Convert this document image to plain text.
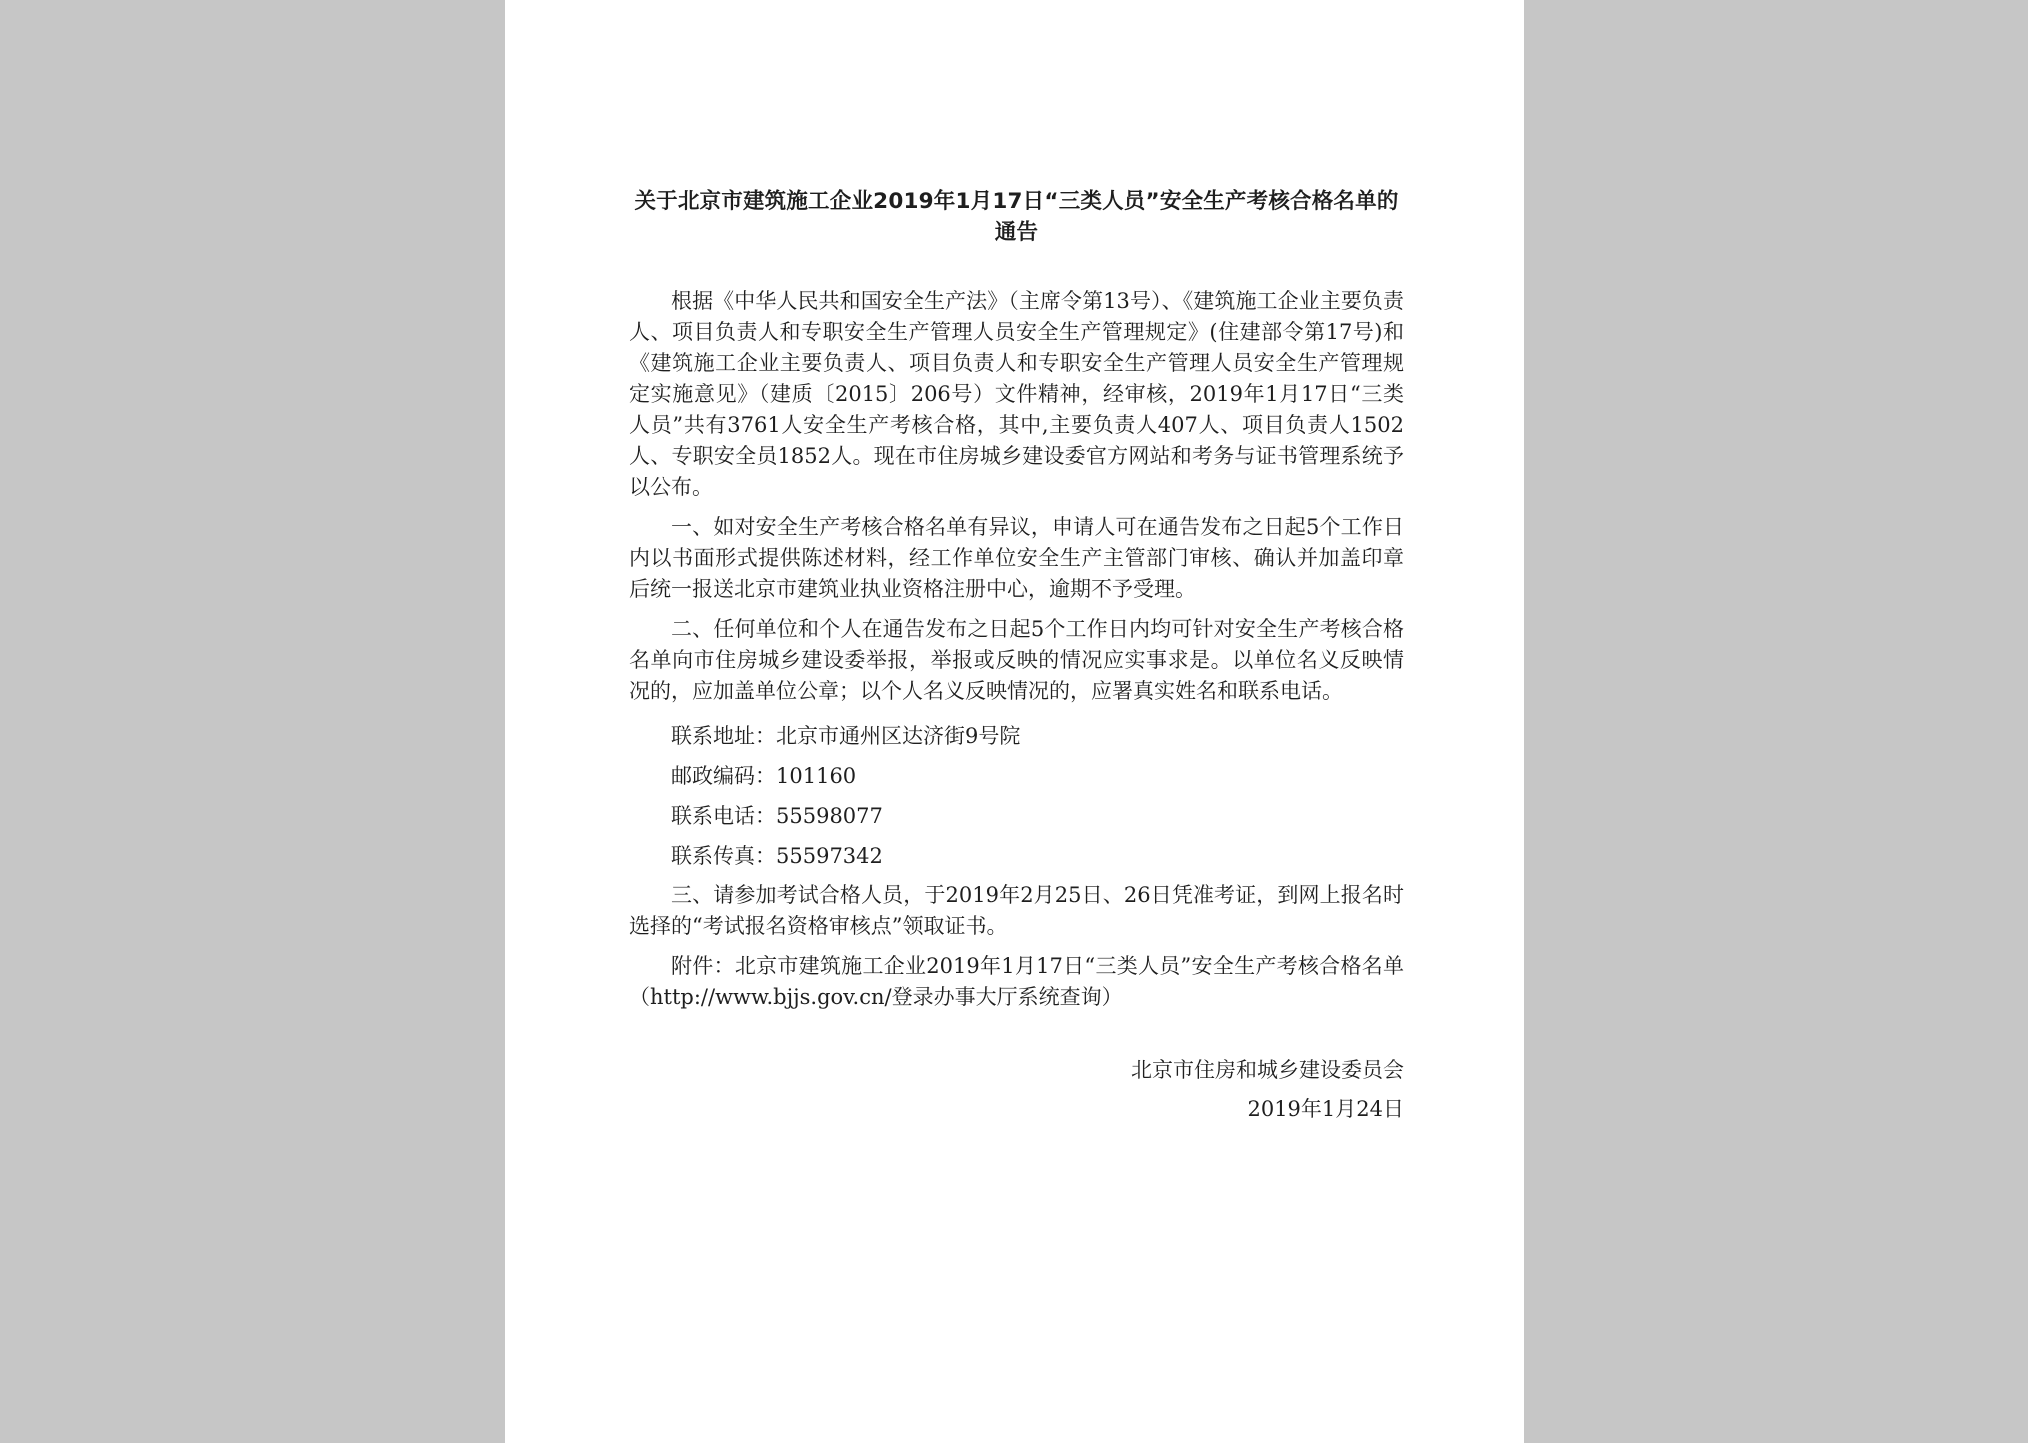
关于北京市建筑施工企业2019年1月17日“三类人员”安全生产考核合格名单的通告

根据《中华人民共和国安全生产法》（主席令第13号）、《建筑施工企业主要负责人、项目负责人和专职安全生产管理人员安全生产管理规定》(住建部令第17号)和《建筑施工企业主要负责人、项目负责人和专职安全生产管理人员安全生产管理规定实施意见》（建质〔2015〕206号）文件精神，经审核，2019年1月17日“三类人员”共有3761人安全生产考核合格，其中,主要负责人407人、项目负责人1502人、专职安全员1852人。现在市住房城乡建设委官方网站和考务与证书管理系统予以公布。

一、如对安全生产考核合格名单有异议，申请人可在通告发布之日起5个工作日内以书面形式提供陈述材料，经工作单位安全生产主管部门审核、确认并加盖印章后统一报送北京市建筑业执业资格注册中心，逾期不予受理。

二、任何单位和个人在通告发布之日起5个工作日内均可针对安全生产考核合格名单向市住房城乡建设委举报，举报或反映的情况应实事求是。以单位名义反映情况的，应加盖单位公章；以个人名义反映情况的，应署真实姓名和联系电话。

联系地址：北京市通州区达济街9号院

邮政编码：101160

联系电话：55598077

联系传真：55597342

三、请参加考试合格人员，于2019年2月25日、26日凭准考证，到网上报名时选择的“考试报名资格审核点”领取证书。

附件：北京市建筑施工企业2019年1月17日“三类人员”安全生产考核合格名单（http://www.bjjs.gov.cn/登录办事大厅系统查询）

北京市住房和城乡建设委员会
2019年1月24日
